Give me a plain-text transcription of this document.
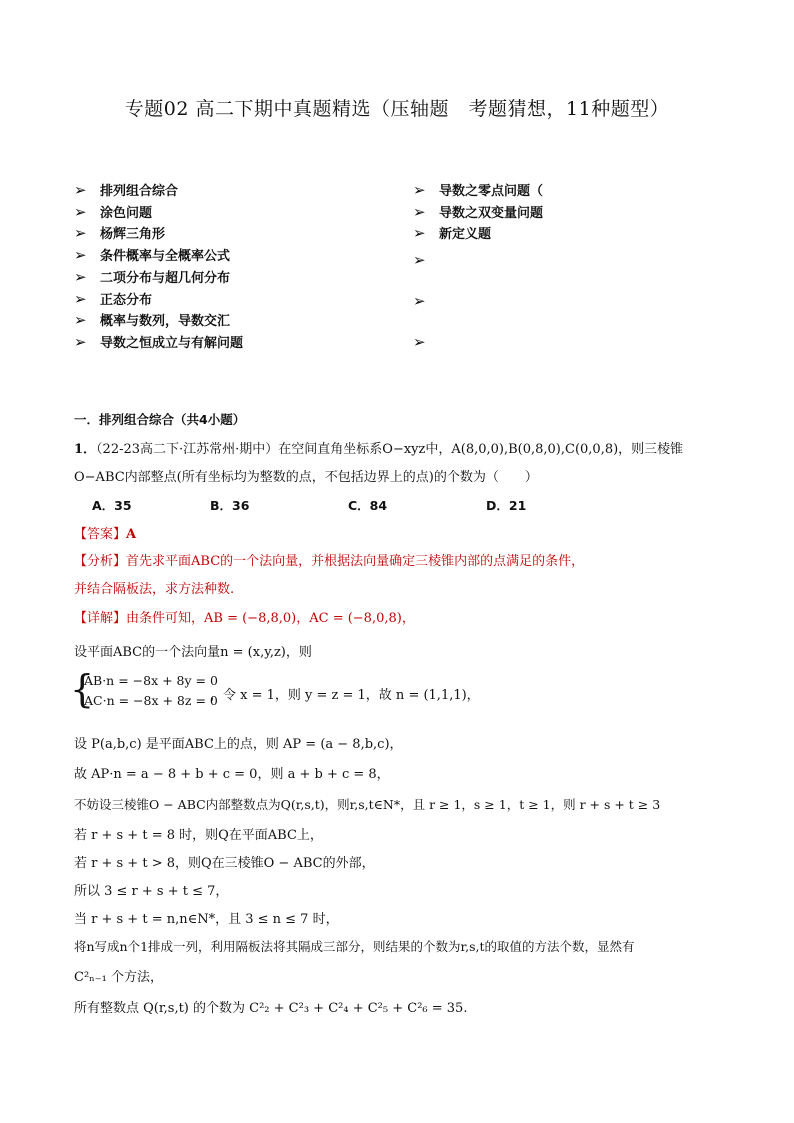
专题02 高二下期中真题精选（压轴题　考题猜想，11种题型）
➢ 排列组合综合
➢ 涂色问题
➢ 杨辉三角形
➢ 条件概率与全概率公式
➢ 二项分布与超几何分布
➢ 正态分布
➢ 概率与数列，导数交汇
➢ 导数之恒成立与有解问题
➢ 导数之零点问题（
➢ 导数之双变量问题
➢ 新定义题
➢
➢
➢
一．排列组合综合（共4小题）
1．（22-23高二下·江苏常州·期中）在空间直角坐标系O−xyz中，A(8,0,0),B(0,8,0),C(0,0,8)，则三棱锥
O−ABC内部整点(所有坐标均为整数的点，不包括边界上的点)的个数为（　　）
A．35	B．36	C．84	D．21
【答案】A
【分析】首先求平面ABC的一个法向量，并根据法向量确定三棱锥内部的点满足的条件，
并结合隔板法，求方法种数.
【详解】由条件可知，AB = (−8,8,0)，AC = (−8,0,8)，
设平面ABC的一个法向量n = (x,y,z)，则
{
AB·n = −8x + 8y = 0
AC·n = −8x + 8z = 0
，令 x = 1，则 y = z = 1，故 n = (1,1,1)，
设 P(a,b,c) 是平面ABC上的点，则 AP = (a − 8,b,c)，
故 AP·n = a − 8 + b + c = 0，则 a + b + c = 8，
不妨设三棱锥O − ABC内部整数点为Q(r,s,t)，则r,s,t∈N*，且 r ≥ 1，s ≥ 1，t ≥ 1，则 r + s + t ≥ 3
若 r + s + t = 8 时，则Q在平面ABC上，
若 r + s + t > 8，则Q在三棱锥O − ABC的外部，
所以 3 ≤ r + s + t ≤ 7，
当 r + s + t = n,n∈N*，且 3 ≤ n ≤ 7 时，
将n写成n个1排成一列，利用隔板法将其隔成三部分，则结果的个数为r,s,t的取值的方法个数，显然有
C²ₙ₋₁ 个方法，
所有整数点 Q(r,s,t) 的个数为 C²₂ + C²₃ + C²₄ + C²₅ + C²₆ = 35.
